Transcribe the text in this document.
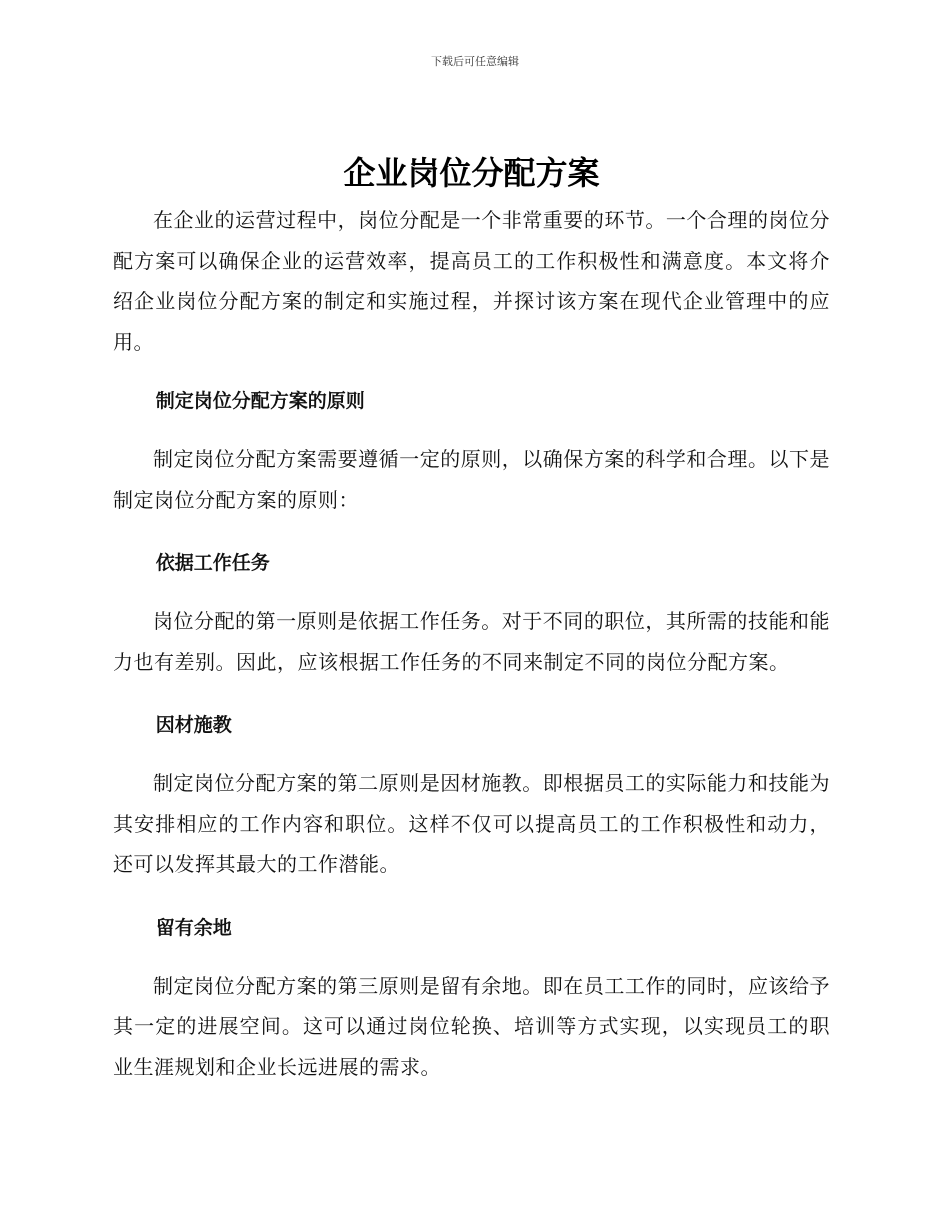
下载后可任意编辑
企业岗位分配方案

在企业的运营过程中，岗位分配是一个非常重要的环节。一个合理的岗位分配方案可以确保企业的运营效率，提高员工的工作积极性和满意度。本文将介绍企业岗位分配方案的制定和实施过程，并探讨该方案在现代企业管理中的应用。

制定岗位分配方案的原则

制定岗位分配方案需要遵循一定的原则，以确保方案的科学和合理。以下是制定岗位分配方案的原则：

依据工作任务

岗位分配的第一原则是依据工作任务。对于不同的职位，其所需的技能和能力也有差别。因此，应该根据工作任务的不同来制定不同的岗位分配方案。

因材施教

制定岗位分配方案的第二原则是因材施教。即根据员工的实际能力和技能为其安排相应的工作内容和职位。这样不仅可以提高员工的工作积极性和动力，还可以发挥其最大的工作潜能。

留有余地

制定岗位分配方案的第三原则是留有余地。即在员工工作的同时，应该给予其一定的进展空间。这可以通过岗位轮换、培训等方式实现，以实现员工的职业生涯规划和企业长远进展的需求。
